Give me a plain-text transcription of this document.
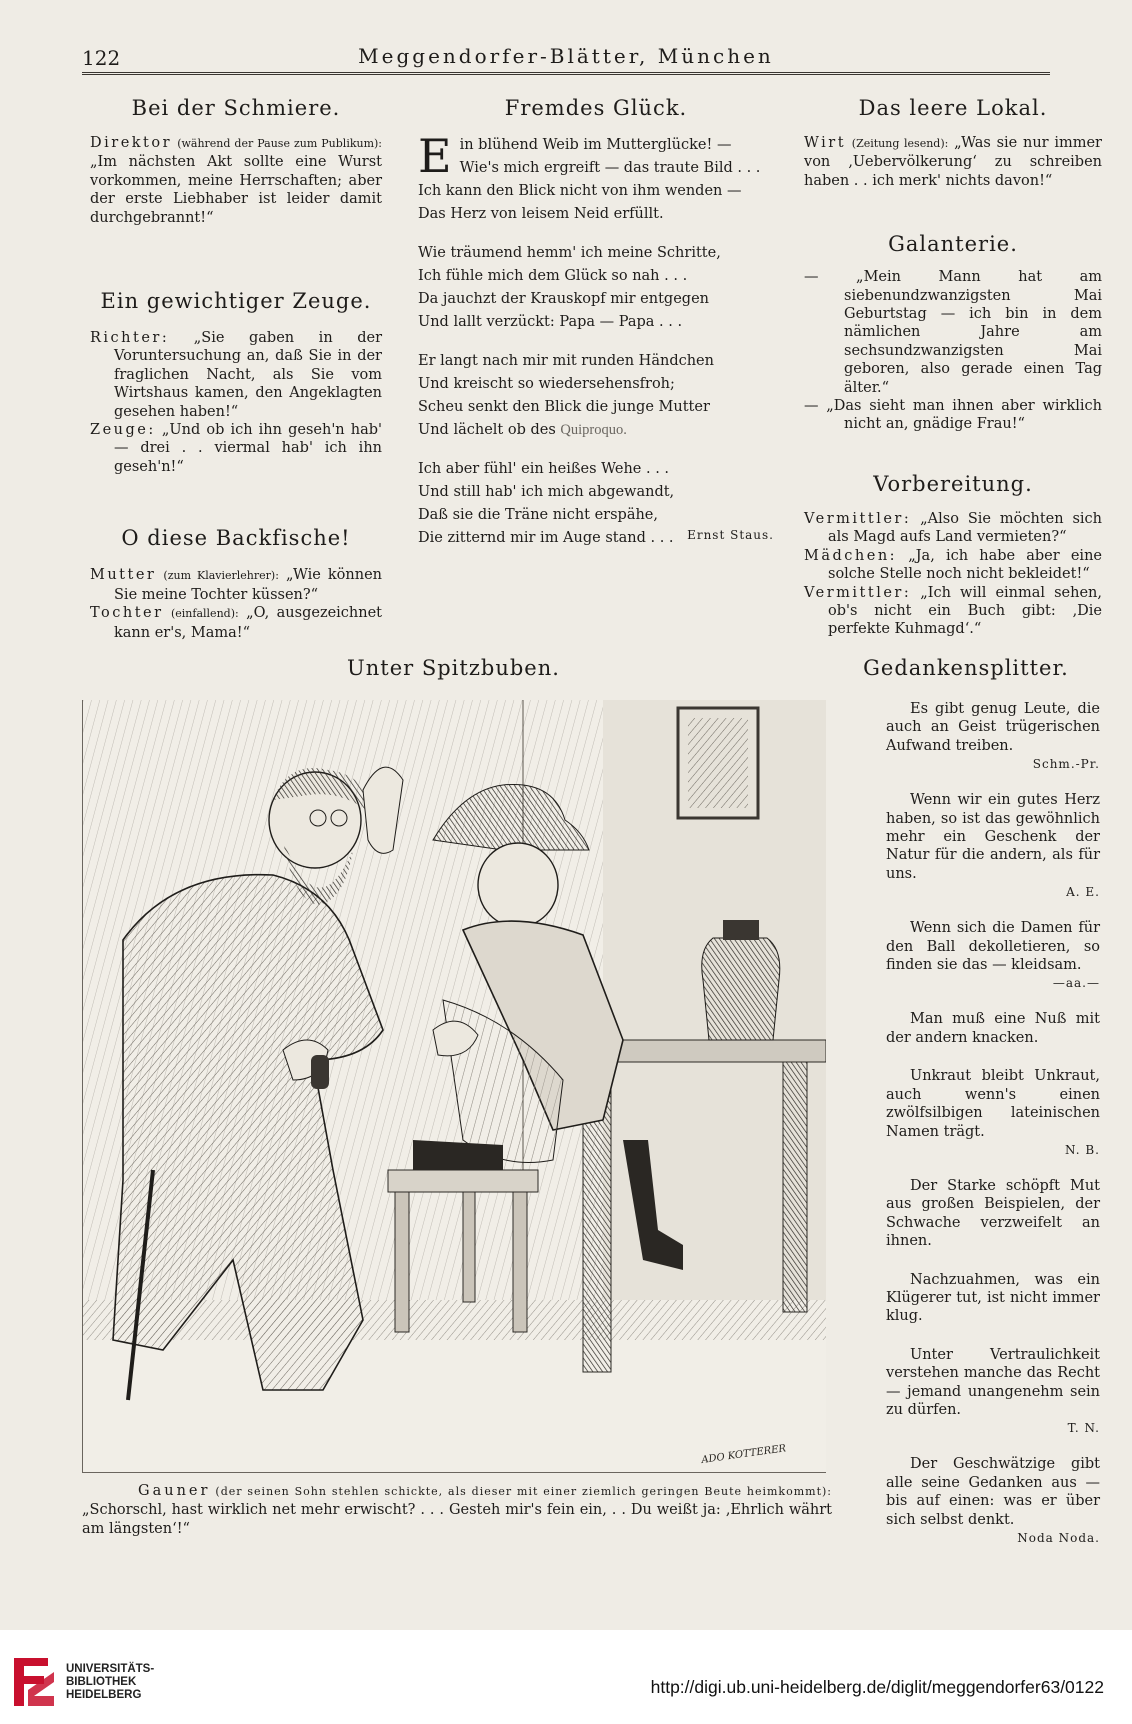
122	Meggendorfer-Blätter, München
Bei der Schmiere.

Direktor (während der Pause zum Publikum): „Im nächsten Akt sollte eine Wurst vorkommen, meine Herrschaften; aber der erste Liebhaber ist leider damit durchgebrannt!“

Ein gewichtiger Zeuge.

Richter: „Sie gaben in der Voruntersuchung an, daß Sie in der fraglichen Nacht, als Sie vom Wirtshaus kamen, den Angeklagten gesehen haben!“

Zeuge: „Und ob ich ihn geseh'n hab' — drei . . viermal hab' ich ihn geseh'n!“

O diese Backfische!

Mutter (zum Klavierlehrer): „Wie können Sie meine Tochter küssen?“

Tochter (einfallend): „O, ausgezeichnet kann er's, Mama!“

Fremdes Glück.
E in blühend Weib im Mutterglücke! —
Wie's mich ergreift — das traute Bild . . .
Ich kann den Blick nicht von ihm wenden —
Das Herz von leisem Neid erfüllt.
Wie träumend hemm' ich meine Schritte,
Ich fühle mich dem Glück so nah . . .
Da jauchzt der Krauskopf mir entgegen
Und lallt verzückt: Papa — Papa . . .
Er langt nach mir mit runden Händchen
Und kreischt so wiedersehensfroh;
Scheu senkt den Blick die junge Mutter
Und lächelt ob des Quiproquo.
Ich aber fühl' ein heißes Wehe . . .
Und still hab' ich mich abgewandt,
Daß sie die Träne nicht erspähe,
Die zitternd mir im Auge stand . . .	Ernst Staus.
Das leere Lokal.

Wirt (Zeitung lesend): „Was sie nur immer von ‚Uebervölkerung‘ zu schreiben haben . . ich merk' nichts davon!“

Galanterie.

— „Mein Mann hat am siebenundzwanzigsten Mai Geburtstag — ich bin in dem nämlichen Jahre am sechsundzwanzigsten Mai geboren, also gerade einen Tag älter.“

— „Das sieht man ihnen aber wirklich nicht an, gnädige Frau!“

Vorbereitung.

Vermittler: „Also Sie möchten sich als Magd aufs Land vermieten?“

Mädchen: „Ja, ich habe aber eine solche Stelle noch nicht bekleidet!“

Vermittler: „Ich will einmal sehen, ob's nicht ein Buch gibt: ‚Die perfekte Kuhmagd‘.“

Unter Spitzbuben.
ADO KOTTERER
Gauner (der seinen Sohn stehlen schickte, als dieser mit einer ziemlich geringen Beute heimkommt): „Schorschl, hast wirklich net mehr erwischt? . . . Gesteh mir's fein ein, . . Du weißt ja: ‚Ehrlich währt am längsten‘!“
Gedankensplitter.

Es gibt genug Leute, die auch an Geist trügerischen Aufwand treiben.

Schm.-Pr.

Wenn wir ein gutes Herz haben, so ist das gewöhnlich mehr ein Geschenk der Natur für die andern, als für uns.

A. E.

Wenn sich die Damen für den Ball dekolletieren, so finden sie das — kleidsam.

—aa.—

Man muß eine Nuß mit der andern knacken.

Unkraut bleibt Unkraut, auch wenn's einen zwölfsilbigen lateinischen Namen trägt.

N. B.

Der Starke schöpft Mut aus großen Beispielen, der Schwache verzweifelt an ihnen.

Nachzuahmen, was ein Klügerer tut, ist nicht immer klug.

Unter Vertraulichkeit verstehen manche das Recht — jemand unangenehm sein zu dürfen.

T. N.

Der Geschwätzige gibt alle seine Gedanken aus — bis auf einen: was er über sich selbst denkt.

Noda Noda.
UNIVERSITÄTS-
BIBLIOTHEK
HEIDELBERG	http://digi.ub.uni-heidelberg.de/diglit/meggendorfer63/0122
